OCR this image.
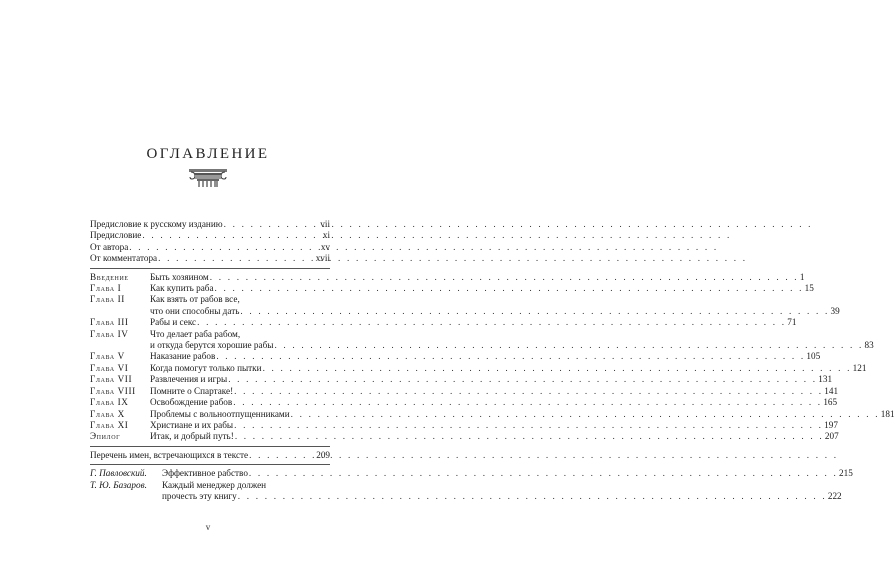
ОГЛАВЛЕНИЕ
Предисловие к русскому изданию . . .	vii
Предисловие . . .	xi
От автора . . .	xv
От комментатора . . .	xvii
Введение	Быть хозяином . . .	1
Глава I	Как купить раба . . .	15
Глава II	Как взять от рабов все,
что они способны дать . . .	39
Глава III	Рабы и секс . . .	71
Глава IV	Что делает раба рабом,
и откуда берутся хорошие рабы . . .	83
Глава V	Наказание рабов . . .	105
Глава VI	Когда помогут только пытки . . .	121
Глава VII	Развлечения и игры . . .	131
Глава VIII	Помните о Спартаке! . . .	141
Глава IX	Освобождение рабов . . .	165
Глава X	Проблемы с вольноотпущенниками . . .	181
Глава XI	Христиане и их рабы . . .	197
Эпилог	Итак, и добрый путь! . . .	207
Перечень имен, встречающихся в тексте . . .	209
Г. Павловский.	Эффективное рабство . . .	215
Т. Ю. Базаров.	Каждый менеджер должен
прочесть эту книгу . . .	222
v
